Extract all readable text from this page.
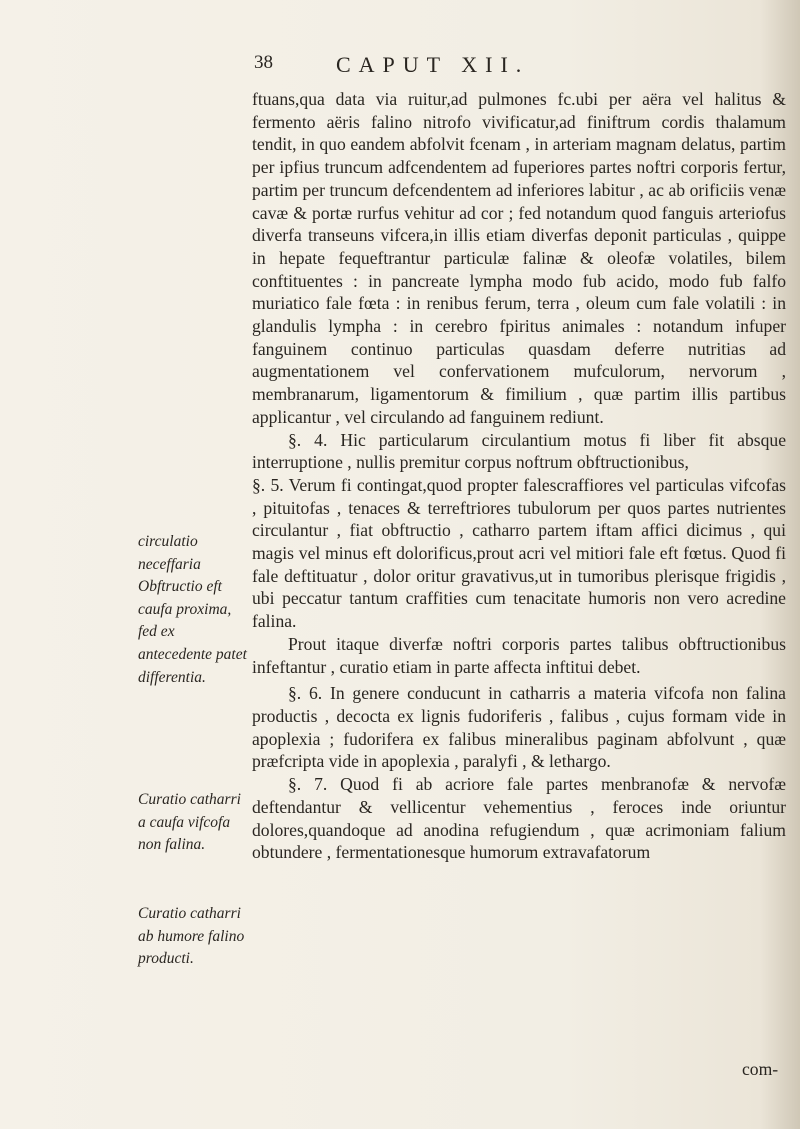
38	CAPUT XII.

ftuans,qua data via ruitur,ad pulmones fc.ubi per aëra vel halitus & fermento aëris falino nitrofo vivificatur,ad finiftrum cordis thalamum tendit, in quo eandem abfolvit fcenam , in arteriam magnam delatus, partim per ipfius truncum adfcendentem ad fuperiores partes noftri corporis fertur, partim per truncum defcendentem ad inferiores labitur , ac ab orificiis venæ cavæ & portæ rurfus vehitur ad cor ; fed notandum quod fanguis arteriofus diverfa transeuns vifcera,in illis etiam diverfas deponit particulas , quippe in hepate fequeftrantur particulæ falinæ & oleofæ volatiles, bilem conftituentes : in pancreate lympha modo fub acido, modo fub falfo muriatico fale fœta : in renibus ferum, terra , oleum cum fale volatili : in glandulis lympha : in cerebro fpiritus animales : notandum infuper fanguinem continuo particulas quasdam deferre nutritias ad augmentationem vel confervationem mufculorum, nervorum , membranarum, ligamentorum & fimilium , quæ partim illis partibus applicantur , vel circulando ad fanguinem rediunt.

§. 4. Hic particularum circulantium motus fi liber fit absque interruptione , nullis premitur corpus noftrum obftructionibus,

§. 5. Verum fi contingat,quod propter falescraffiores vel particulas vifcofas , pituitofas , tenaces & terreftriores tubulorum per quos partes nutrientes circulantur , fiat obftructio , catharro partem iftam affici dicimus , qui magis vel minus eft dolorificus,prout acri vel mitiori fale eft fœtus. Quod fi fale deftituatur , dolor oritur gravativus,ut in tumoribus plerisque frigidis , ubi peccatur tantum craffities cum tenacitate humoris non vero acredine falina.

Prout itaque diverfæ noftri corporis partes talibus obftructionibus infeftantur , curatio etiam in parte affecta inftitui debet.

§. 6. In genere conducunt in catharris a materia vifcofa non falina productis , decocta ex lignis fudoriferis , falibus , cujus formam vide in apoplexia ; fudorifera ex falibus mineralibus paginam abfolvunt , quæ præfcripta vide in apoplexia , paralyfi , & lethargo.

§. 7. Quod fi ab acriore fale partes menbranofæ & nervofæ deftendantur & vellicentur vehementius , feroces inde oriuntur dolores,quandoque ad anodina refugiendum , quæ acrimoniam falium obtundere , fermentationesque humorum extravafatorum

circulatio neceffaria
Obftructio eft caufa proxima, fed ex antecedente patet differentia.
Curatio catharri a caufa vifcofa non falina.
Curatio catharri ab humore falino producti.
com-
